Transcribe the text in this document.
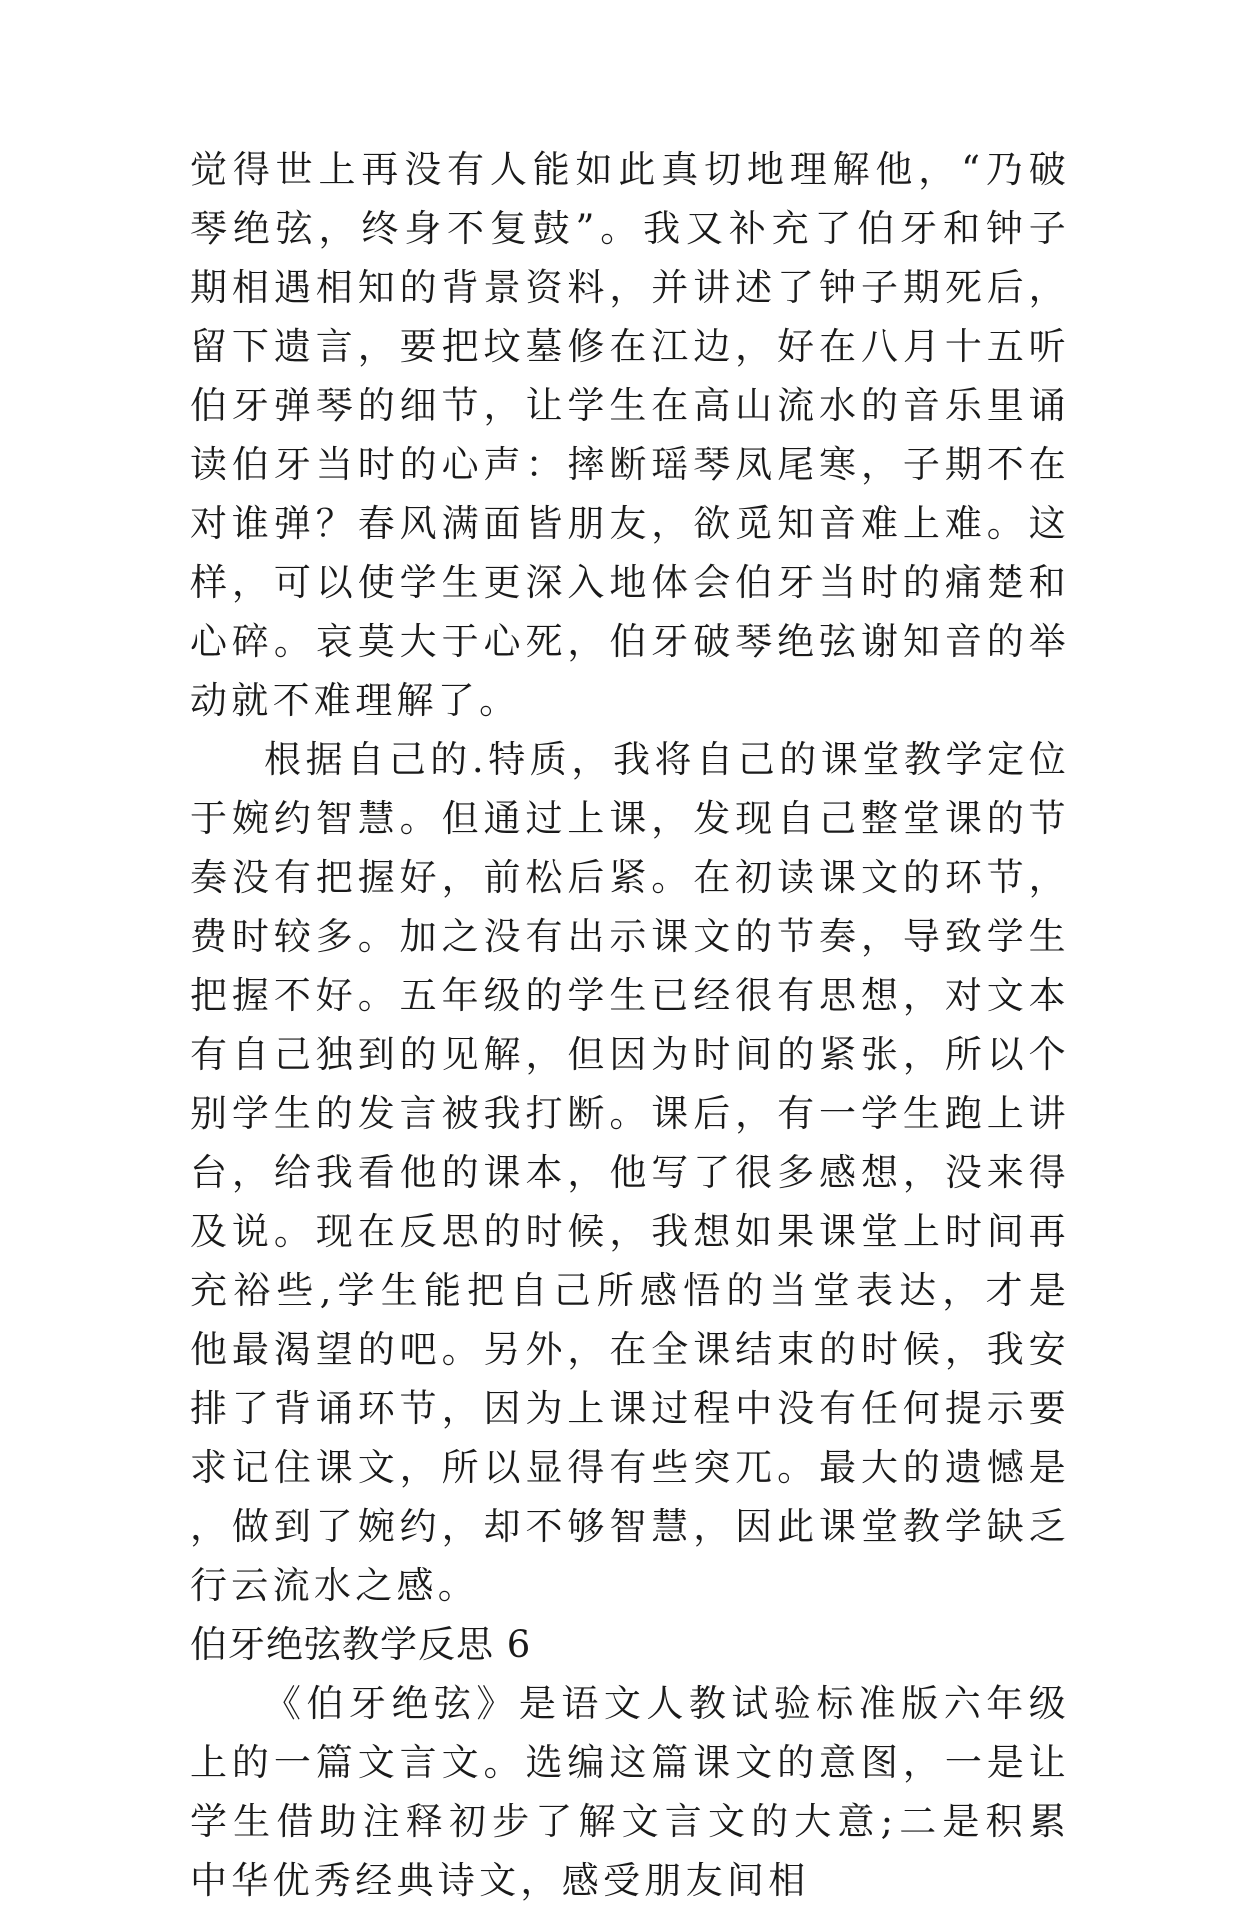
觉得世上再没有人能如此真切地理解他，“乃破琴绝弦，终身不复鼓”。我又补充了伯牙和钟子期相遇相知的背景资料，并讲述了钟子期死后，留下遗言，要把坟墓修在江边，好在八月十五听伯牙弹琴的细节，让学生在高山流水的音乐里诵读伯牙当时的心声：摔断瑶琴凤尾寒，子期不在对谁弹？春风满面皆朋友，欲觅知音难上难。这样，可以使学生更深入地体会伯牙当时的痛楚和心碎。哀莫大于心死，伯牙破琴绝弦谢知音的举动就不难理解了。

根据自己的.特质，我将自己的课堂教学定位于婉约智慧。但通过上课，发现自己整堂课的节奏没有把握好，前松后紧。在初读课文的环节，费时较多。加之没有出示课文的节奏，导致学生把握不好。五年级的学生已经很有思想，对文本有自己独到的见解，但因为时间的紧张，所以个别学生的发言被我打断。课后，有一学生跑上讲台，给我看他的课本，他写了很多感想，没来得及说。现在反思的时候，我想如果课堂上时间再充裕些,学生能把自己所感悟的当堂表达，才是他最渴望的吧。另外，在全课结束的时候，我安排了背诵环节，因为上课过程中没有任何提示要求记住课文，所以显得有些突兀。最大的遗憾是，做到了婉约，却不够智慧，因此课堂教学缺乏行云流水之感。

伯牙绝弦教学反思 6

《伯牙绝弦》是语文人教试验标准版六年级上的一篇文言文。选编这篇课文的意图，一是让学生借助注释初步了解文言文的大意;二是积累中华优秀经典诗文，感受朋友间相
